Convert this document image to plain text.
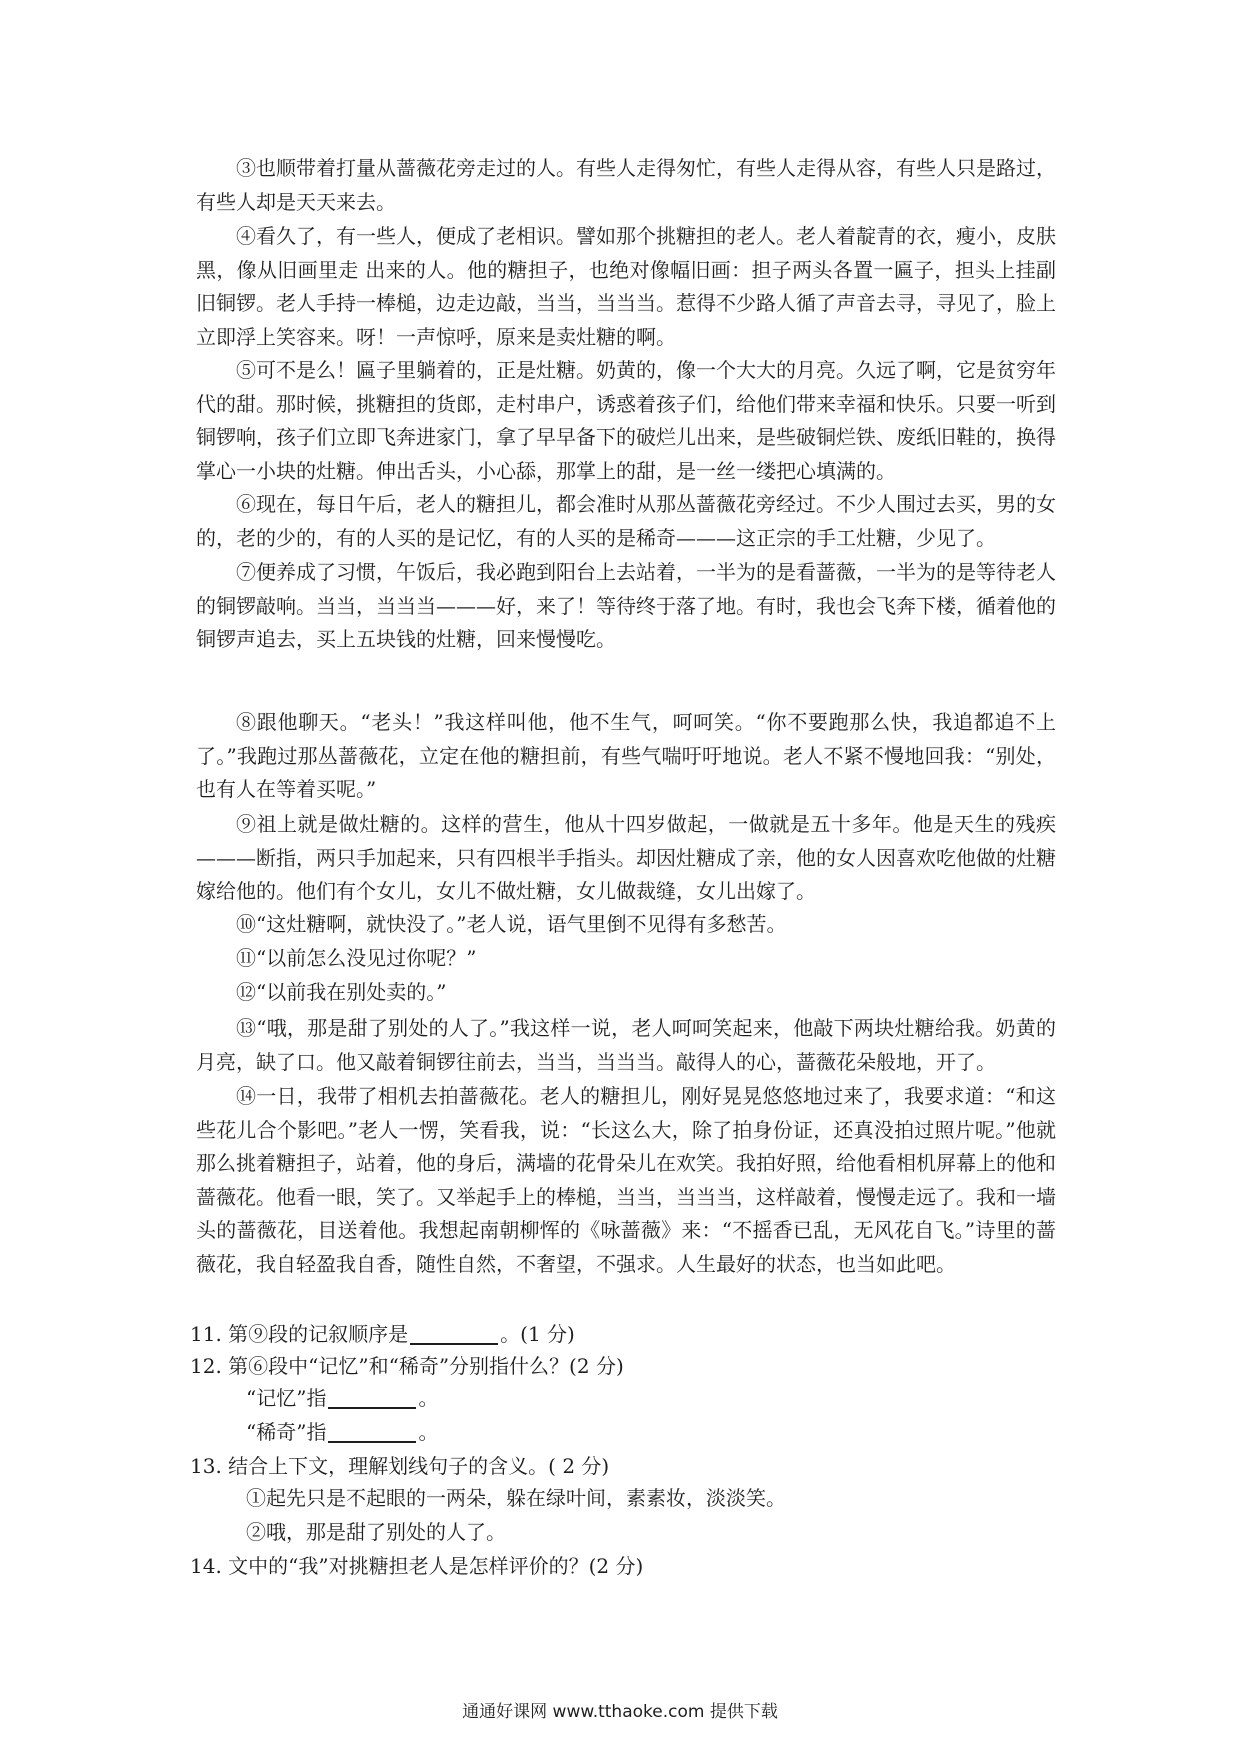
③也顺带着打量从蔷薇花旁走过的人。有些人走得匆忙，有些人走得从容，有些人只是路过，有些人却是天天来去。

④看久了，有一些人，便成了老相识。譬如那个挑糖担的老人。老人着靛青的衣，瘦小，皮肤黑，像从旧画里走 出来的人。他的糖担子，也绝对像幅旧画：担子两头各置一匾子，担头上挂副旧铜锣。老人手持一棒槌，边走边敲，当当，当当当。惹得不少路人循了声音去寻，寻见了，脸上立即浮上笑容来。呀！一声惊呼，原来是卖灶糖的啊。

⑤可不是么！匾子里躺着的，正是灶糖。奶黄的，像一个大大的月亮。久远了啊，它是贫穷年代的甜。那时候，挑糖担的货郎，走村串户，诱惑着孩子们，给他们带来幸福和快乐。只要一听到铜锣响，孩子们立即飞奔进家门，拿了早早备下的破烂儿出来，是些破铜烂铁、废纸旧鞋的，换得掌心一小块的灶糖。伸出舌头，小心舔，那掌上的甜，是一丝一缕把心填满的。

⑥现在，每日午后，老人的糖担儿，都会准时从那丛蔷薇花旁经过。不少人围过去买，男的女的，老的少的，有的人买的是记忆，有的人买的是稀奇———这正宗的手工灶糖，少见了。

⑦便养成了习惯，午饭后，我必跑到阳台上去站着，一半为的是看蔷薇，一半为的是等待老人的铜锣敲响。当当，当当当———好，来了！等待终于落了地。有时，我也会飞奔下楼，循着他的铜锣声追去，买上五块钱的灶糖，回来慢慢吃。

⑧跟他聊天。“老头！”我这样叫他，他不生气，呵呵笑。“你不要跑那么快，我追都追不上了。”我跑过那丛蔷薇花，立定在他的糖担前，有些气喘吁吁地说。老人不紧不慢地回我：“别处，也有人在等着买呢。”

⑨祖上就是做灶糖的。这样的营生，他从十四岁做起，一做就是五十多年。他是天生的残疾———断指，两只手加起来，只有四根半手指头。却因灶糖成了亲，他的女人因喜欢吃他做的灶糖嫁给他的。他们有个女儿，女儿不做灶糖，女儿做裁缝，女儿出嫁了。

⑩“这灶糖啊，就快没了。”老人说，语气里倒不见得有多愁苦。

⑪“以前怎么没见过你呢？”

⑫“以前我在别处卖的。”

⑬“哦，那是甜了别处的人了。”我这样一说，老人呵呵笑起来，他敲下两块灶糖给我。奶黄的月亮，缺了口。他又敲着铜锣往前去，当当，当当当。敲得人的心，蔷薇花朵般地，开了。

⑭一日，我带了相机去拍蔷薇花。老人的糖担儿，刚好晃晃悠悠地过来了，我要求道：“和这些花儿合个影吧。”老人一愣，笑看我，说：“长这么大，除了拍身份证，还真没拍过照片呢。”他就那么挑着糖担子，站着，他的身后，满墙的花骨朵儿在欢笑。我拍好照，给他看相机屏幕上的他和蔷薇花。他看一眼，笑了。又举起手上的棒槌，当当，当当当，这样敲着，慢慢走远了。我和一墙头的蔷薇花，目送着他。我想起南朝柳恽的《咏蔷薇》来：“不摇香已乱，无风花自飞。”诗里的蔷薇花，我自轻盈我自香，随性自然，不奢望，不强求。人生最好的状态，也当如此吧。

11. 第⑨段的记叙顺序是	。(1 分)
12. 第⑥段中“记忆”和“稀奇”分别指什么？(2 分)
“记忆”指	。
“稀奇”指	。
13. 结合上下文，理解划线句子的含义。( 2 分)
①起先只是不起眼的一两朵，躲在绿叶间，素素妆，淡淡笑。
②哦，那是甜了别处的人了。
14. 文中的“我”对挑糖担老人是怎样评价的？(2 分)
通通好课网 www.tthaoke.com 提供下载
